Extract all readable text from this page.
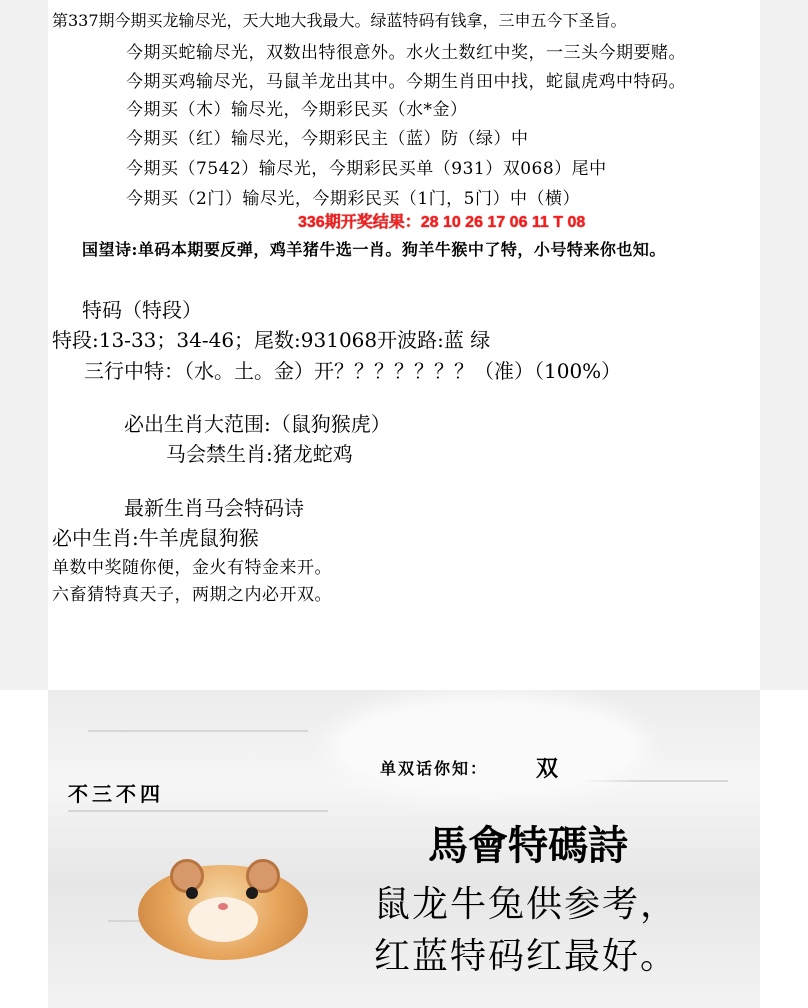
第337期今期买龙输尽光，天大地大我最大。绿蓝特码有钱拿，三申五今下圣旨。
今期买蛇输尽光，双数出特很意外。水火土数红中奖，一三头今期要赌。
今期买鸡输尽光，马鼠羊龙出其中。今期生肖田中找，蛇鼠虎鸡中特码。
今期买（木）输尽光，今期彩民买（水*金）
今期买（红）输尽光，今期彩民主（蓝）防（绿）中
今期买（7542）输尽光，今期彩民买单（931）双068）尾中
今期买（2门）输尽光，今期彩民买（1门，5门）中（横）
336期开奖结果：28 10 26 17 06 11 T 08
国望诗:单码本期要反弹，鸡羊猪牛选一肖。狗羊牛猴中了特，小号特来你也知。
特码（特段）
特段:13-33；34-46；尾数:931068开波路:蓝 绿
三行中特：（水。土。金）开？？？？？？？（准）（100%）
必出生肖大范围:（鼠狗猴虎）
马会禁生肖:猪龙蛇鸡
最新生肖马会特码诗
必中生肖:牛羊虎鼠狗猴
单数中奖随你便，金火有特金来开。
六畜猜特真天子，两期之内必开双。
不三不四
单双话你知： 双
馬會特碼詩
鼠龙牛兔供参考，
红蓝特码红最好。
